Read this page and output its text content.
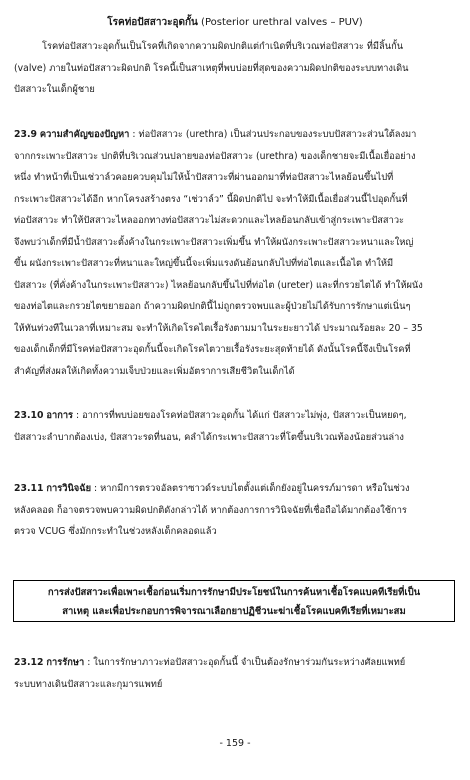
โรคท่อปัสสาวะอุดกั้น (Posterior urethral valves – PUV)
โรคท่อปัสสาวะอุดกั้นเป็นโรคที่เกิดจากความผิดปกติแต่กำเนิดที่บริเวณท่อปัสสาวะ ที่มีลิ้นกั้น
(valve) ภายในท่อปัสสาวะผิดปกติ โรคนี้เป็นสาเหตุที่พบบ่อยที่สุดของความผิดปกติของระบบทางเดิน
ปัสสาวะในเด็กผู้ชาย
23.9 ความสำคัญของปัญหา : ท่อปัสสาวะ (urethra) เป็นส่วนประกอบของระบบปัสสาวะส่วนใต้ลงมา
จากกระเพาะปัสสาวะ ปกติที่บริเวณส่วนปลายของท่อปัสสาวะ (urethra) ของเด็กชายจะมีเนื้อเยื่ออย่าง
หนึ่ง ทำหน้าที่เป็นเช่วาล์วคอยควบคุมไม่ให้น้ำปัสสาวะที่ผ่านออกมาที่ท่อปัสสาวะไหลย้อนขึ้นไปที่
กระเพาะปัสสาวะได้อีก หากโครงสร้างตรง “เช่วาล์ว” นี้ผิดปกติไป จะทำให้มีเนื้อเยื่อส่วนนี้ไปอุดกั้นที่
ท่อปัสสาวะ ทำให้ปัสสาวะไหลออกทางท่อปัสสาวะไม่สะดวกและไหลย้อนกลับเข้าสู่กระเพาะปัสสาวะ
จึงพบว่าเด็กที่มีน้ำปัสสาวะตั้งค้างในกระเพาะปัสสาวะเพิ่มขึ้น ทำให้ผนังกระเพาะปัสสาวะหนาและใหญ่
ขึ้น ผนังกระเพาะปัสสาวะที่หนาและใหญ่ขึ้นนี้จะเพิ่มแรงดันย้อนกลับไปที่ท่อไตและเนื้อไต ทำให้มี
ปัสสาวะ (ที่คั่งค้างในกระเพาะปัสสาวะ) ไหลย้อนกลับขึ้นไปที่ท่อไต (ureter) และที่กรวยไตได้ ทำให้ผนัง
ของท่อไตและกรวยไตขยายออก ถ้าความผิดปกตินี้ไม่ถูกตรวจพบและผู้ป่วยไม่ได้รับการรักษาแต่เนิ่นๆ
ให้ทันท่วงทีในเวลาที่เหมาะสม จะทำให้เกิดโรคไตเรื้อรังตามมาในระยะยาวได้ ประมาณร้อยละ 20 – 35
ของเด็กเด็กที่มีโรคท่อปัสสาวะอุดกั้นนี้จะเกิดโรคไตวายเรื้อรังระยะสุดท้ายได้ ดังนั้นโรคนี้จึงเป็นโรคที่
สำคัญที่ส่งผลให้เกิดทั้งความเจ็บป่วยและเพิ่มอัตราการเสียชีวิตในเด็กได้
23.10 อาการ : อาการที่พบบ่อยของโรคท่อปัสสาวะอุดกั้น ได้แก่ ปัสสาวะไม่พุ่ง, ปัสสาวะเป็นหยดๆ,
ปัสสาวะลำบากต้องเบ่ง, ปัสสาวะรดที่นอน, คลำได้กระเพาะปัสสาวะที่โตขึ้นบริเวณท้องน้อยส่วนล่าง
23.11 การวินิจฉัย : หากมีการตรวจอัลตราซาวด์ระบบไตตั้งแต่เด็กยังอยู่ในครรภ์มารดา หรือในช่วง
หลังคลอด ก็อาจตรวจพบความผิดปกติดังกล่าวได้ หากต้องการการวินิจฉัยที่เชื่อถือได้มากต้องใช้การ
ตรวจ VCUG ซึ่งมักกระทำในช่วงหลังเด็กคลอดแล้ว
การส่งปัสสาวะเพื่อเพาะเชื้อก่อนเริ่มการรักษามีประโยชน์ในการค้นหาเชื้อโรคแบคทีเรียที่เป็น
สาเหตุ และเพื่อประกอบการพิจารณาเลือกยาปฏิชีวนะฆ่าเชื้อโรคแบคทีเรียที่เหมาะสม
23.12 การรักษา : ในการรักษาภาวะท่อปัสสาวะอุดกั้นนี้ จำเป็นต้องรักษาร่วมกันระหว่างศัลยแพทย์
ระบบทางเดินปัสสาวะและกุมารแพทย์
- 159 -
